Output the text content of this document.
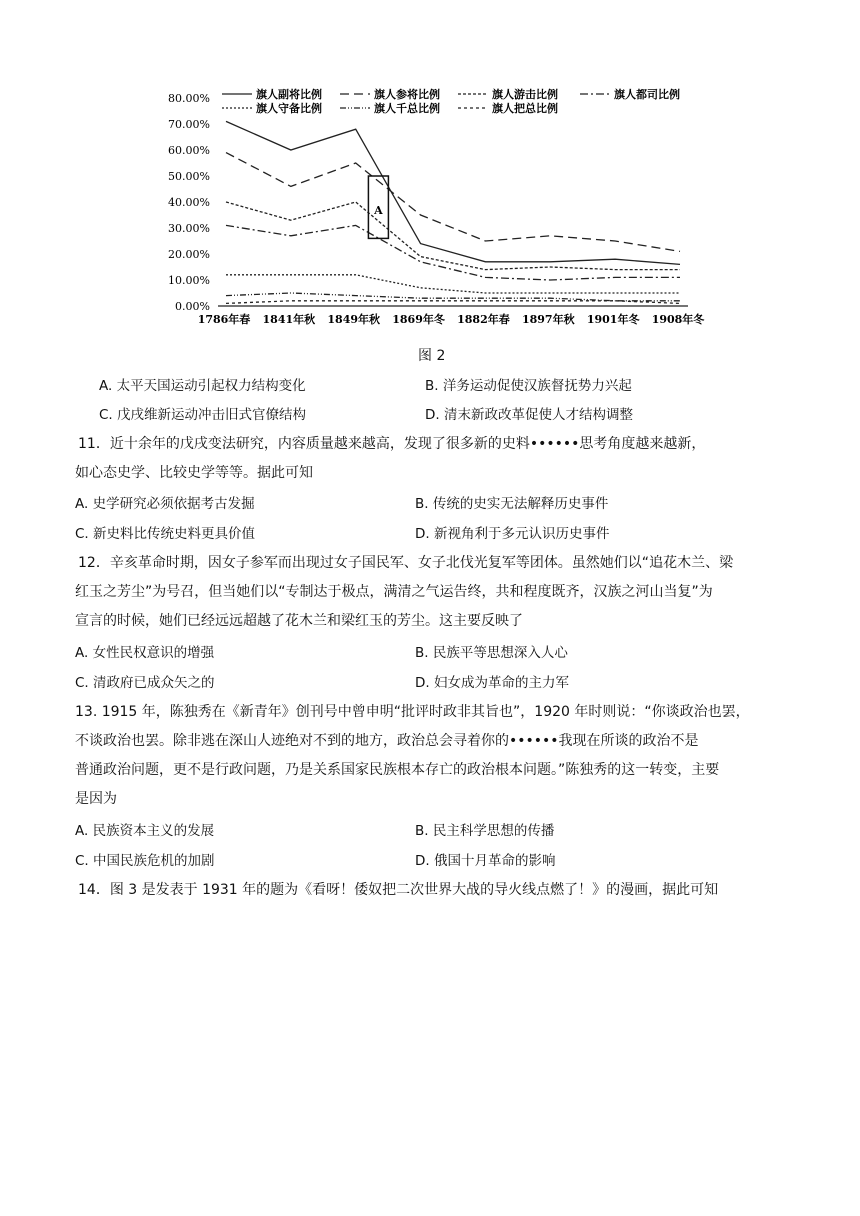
0.00%
10.00%
20.00%
30.00%
40.00%
50.00%
60.00%
70.00%
80.00%
1786年春 1841年秋 1849年秋 1869年冬 1882年春 1897年秋 1901年冬 1908年冬
旗人副将比例	旗人参将比例	旗人游击比例	旗人都司比例
旗人守备比例	旗人千总比例	旗人把总比例
A
图 2
A. 太平天国运动引起权力结构变化	B. 洋务运动促使汉族督抚势力兴起
C. 戊戌维新运动冲击旧式官僚结构	D. 清末新政改革促使人才结构调整
11．近十余年的戊戌变法研究，内容质量越来越高，发现了很多新的史料••••••思考角度越来越新，
如心态史学、比较史学等等。据此可知
A. 史学研究必须依据考古发掘	B. 传统的史实无法解释历史事件
C. 新史料比传统史料更具价值	D. 新视角利于多元认识历史事件
12．辛亥革命时期，因女子参军而出现过女子国民军、女子北伐光复军等团体。虽然她们以“追花木兰、梁
红玉之芳尘”为号召，但当她们以“专制达于极点，满清之气运告终，共和程度既齐，汉族之河山当复”为
宣言的时候，她们已经远远超越了花木兰和梁红玉的芳尘。这主要反映了
A. 女性民权意识的增强	B. 民族平等思想深入人心
C. 清政府已成众矢之的	D. 妇女成为革命的主力军
13. 1915 年，陈独秀在《新青年》创刊号中曾申明“批评时政非其旨也”，1920 年时则说：“你谈政治也罢，
不谈政治也罢。除非逃在深山人迹绝对不到的地方，政治总会寻着你的••••••我现在所谈的政治不是
普通政治问题，更不是行政问题，乃是关系国家民族根本存亡的政治根本问题。”陈独秀的这一转变，主要
是因为
A. 民族资本主义的发展	B. 民主科学思想的传播
C. 中国民族危机的加剧	D. 俄国十月革命的影响
14．图 3 是发表于 1931 年的题为《看呀！倭奴把二次世界大战的导火线点燃了！》的漫画，据此可知
